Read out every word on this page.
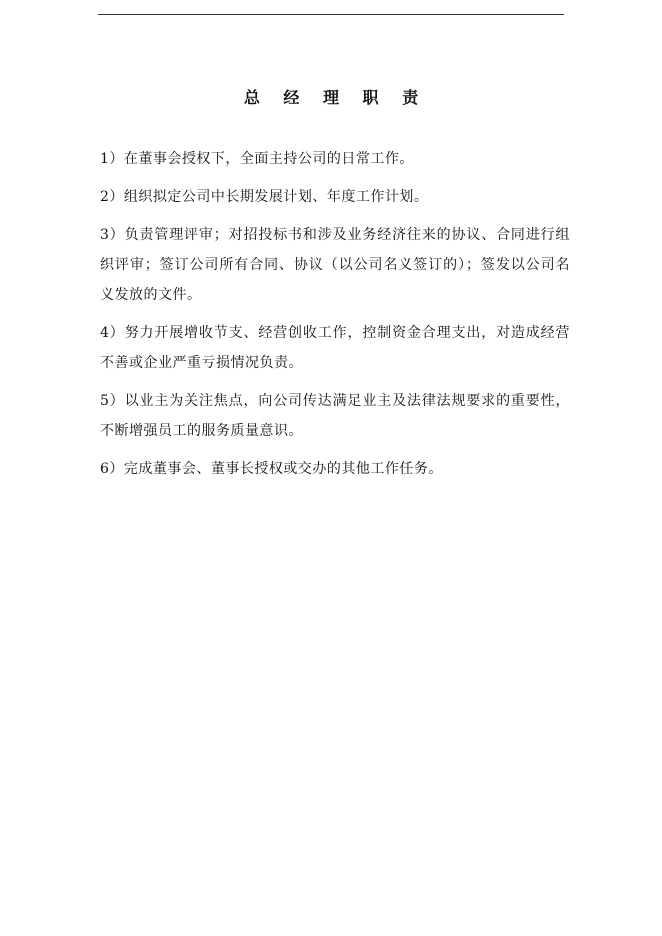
总 经 理 职 责

1）在董事会授权下，全面主持公司的日常工作。

2）组织拟定公司中长期发展计划、年度工作计划。

3）负责管理评审；对招投标书和涉及业务经济往来的协议、合同进行组织评审；签订公司所有合同、协议（以公司名义签订的）；签发以公司名义发放的文件。

4）努力开展增收节支、经营创收工作，控制资金合理支出，对造成经营不善或企业严重亏损情况负责。

5）以业主为关注焦点，向公司传达满足业主及法律法规要求的重要性，不断增强员工的服务质量意识。

6）完成董事会、董事长授权或交办的其他工作任务。
